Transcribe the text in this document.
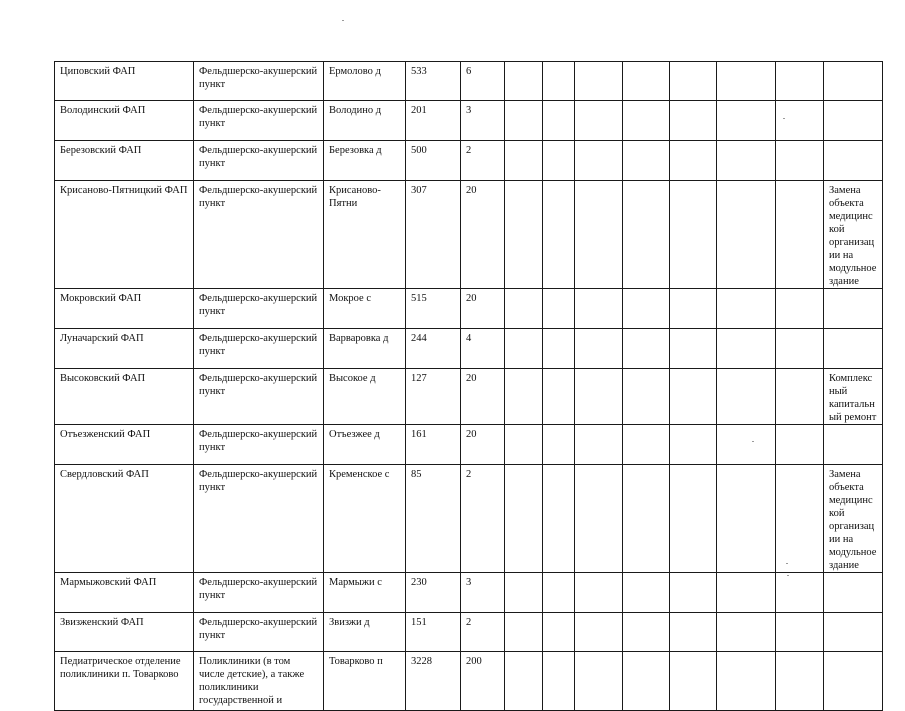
Циповский ФАП	Фельдшерско-акушерский пункт	Ермолово д	533	6								
Володинский ФАП	Фельдшерско-акушерский пункт	Володино д	201	3								
Березовский ФАП	Фельдшерско-акушерский пункт	Березовка д	500	2								
Крисаново-Пятницкий ФАП	Фельдшерско-акушерский пункт	Крисаново-Пятни	307	20								Замена объекта медицинской организации на модульное здание
Мокровский ФАП	Фельдшерско-акушерский пункт	Мокрое с	515	20								
Луначарский ФАП	Фельдшерско-акушерский пункт	Варваровка д	244	4								
Высоковский ФАП	Фельдшерско-акушерский пункт	Высокое д	127	20								Комплексный капитальный ремонт
Отъезженский ФАП	Фельдшерско-акушерский пункт	Отъезжее д	161	20								
Свердловский ФАП	Фельдшерско-акушерский пункт	Кременское с	85	2								Замена объекта медицинской организации на модульное здание
Мармыжовский ФАП	Фельдшерско-акушерский пункт	Мармыжи с	230	3								
Звизженский ФАП	Фельдшерско-акушерский пункт	Звизжи д	151	2								
Педиатрическое отделение поликлиники п. Товарково	Поликлиники (в том числе детские), а также поликлиники государственной и	Товарково п	3228	200								
